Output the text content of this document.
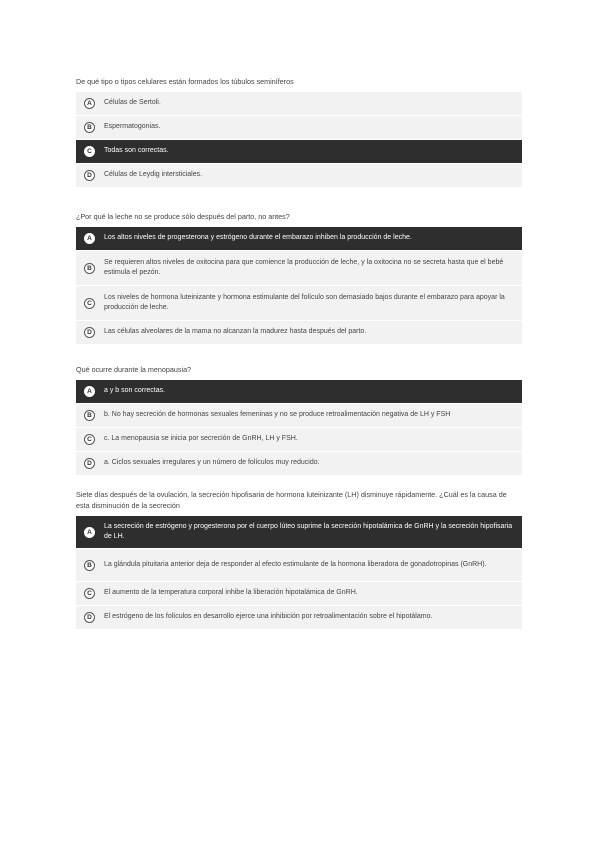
De qué tipo o tipos celulares están formados los túbulos seminíferos
A	Células de Sertoli.
B	Espermatogonias.
C	Todas son correctas.
D	Células de Leydig intersticiales.
¿Por qué la leche no se produce sólo después del parto, no antes?
A	Los altos niveles de progesterona y estrógeno durante el embarazo inhiben la producción de leche.
B
Se requieren altos niveles de oxitocina para que comience la producción de leche, y la oxitocina no se secreta hasta que el bebé estimula el pezón.
C
Los niveles de hormona luteinizante y hormona estimulante del folículo son demasiado bajos durante el embarazo para apoyar la producción de leche.
D	Las células alveolares de la mama no alcanzan la madurez hasta después del parto.
Qué ocurre durante la menopausia?
A	a y b son correctas.
B	b. No hay secreción de hormonas sexuales femeninas y no se produce retroalimentación negativa de LH y FSH
C	c. La menopausia se inicia por secreción de GnRH, LH y FSH.
D	a. Ciclos sexuales irregulares y un número de folículos muy reducido.
Siete días después de la ovulación, la secreción hipofisaria de hormona luteinizante (LH) disminuye rápidamente. ¿Cuál es la causa de esta disminución de la secreción
A
La secreción de estrógeno y progesterona por el cuerpo lúteo suprime la secreción hipotalámica de GnRH y la secreción hipofisaria de LH.
B	La glándula pituitaria anterior deja de responder al efecto estimulante de la hormona liberadora de gonadotropinas (GnRH).
C	El aumento de la temperatura corporal inhibe la liberación hipotalámica de GnRH.
D	El estrógeno de los folículos en desarrollo ejerce una inhibición por retroalimentación sobre el hipotálamo.
